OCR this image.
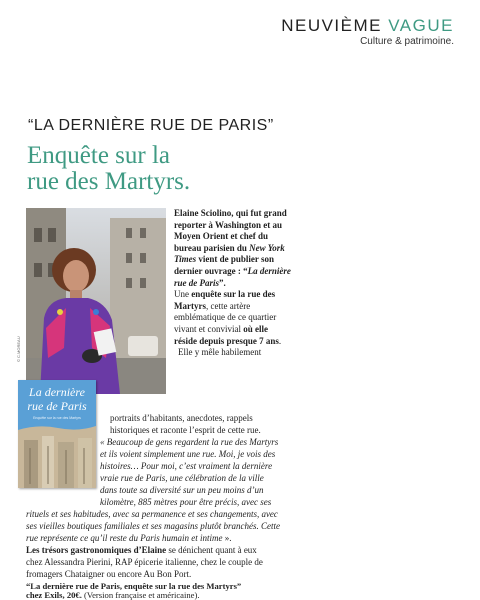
NEUVIÈME VAGUE
Culture & patrimoine.
“LA DERNIÈRE RUE DE PARIS”
Enquête sur la
rue des Martyrs.
© C.MOREAU
La dernière
rue de Paris
Enquête sur la rue des Martyrs

Elaine Sciolino, qui fut grand reporter à Washington et au Moyen Orient et chef du bureau parisien du New York Times vient de publier son dernier ouvrage : “La dernière rue de Paris”.

Une enquête sur la rue des Martyrs, cette artère emblématique de ce quartier vivant et convivial où elle réside depuis presque 7 ans.

Elle y mêle habilement

portraits d’habitants, anecdotes, rappels
historiques et raconte l’esprit de cette rue.
« Beaucoup de gens regardent la rue des Martyrs
et ils voient simplement une rue. Moi, je vois des
histoires… Pour moi, c’est vraiment la dernière
vraie rue de Paris, une célébration de la ville
dans toute sa diversité sur un peu moins d’un
kilomètre, 885 mètres pour être précis, avec ses
rituels et ses habitudes, avec sa permanence et ses changements, avec
ses vieilles boutiques familiales et ses magasins plutôt branchés. Cette
rue représente ce qu’il reste du Paris humain et intime ».
Les trésors gastronomiques d’Elaine se dénichent quant à eux
chez Alessandra Pierini, RAP épicerie italienne, chez le couple de
fromagers Chataigner ou encore Au Bon Port.
“La dernière rue de Paris, enquête sur la rue des Martyrs”
chez Exils, 20€. (Version française et américaine).
